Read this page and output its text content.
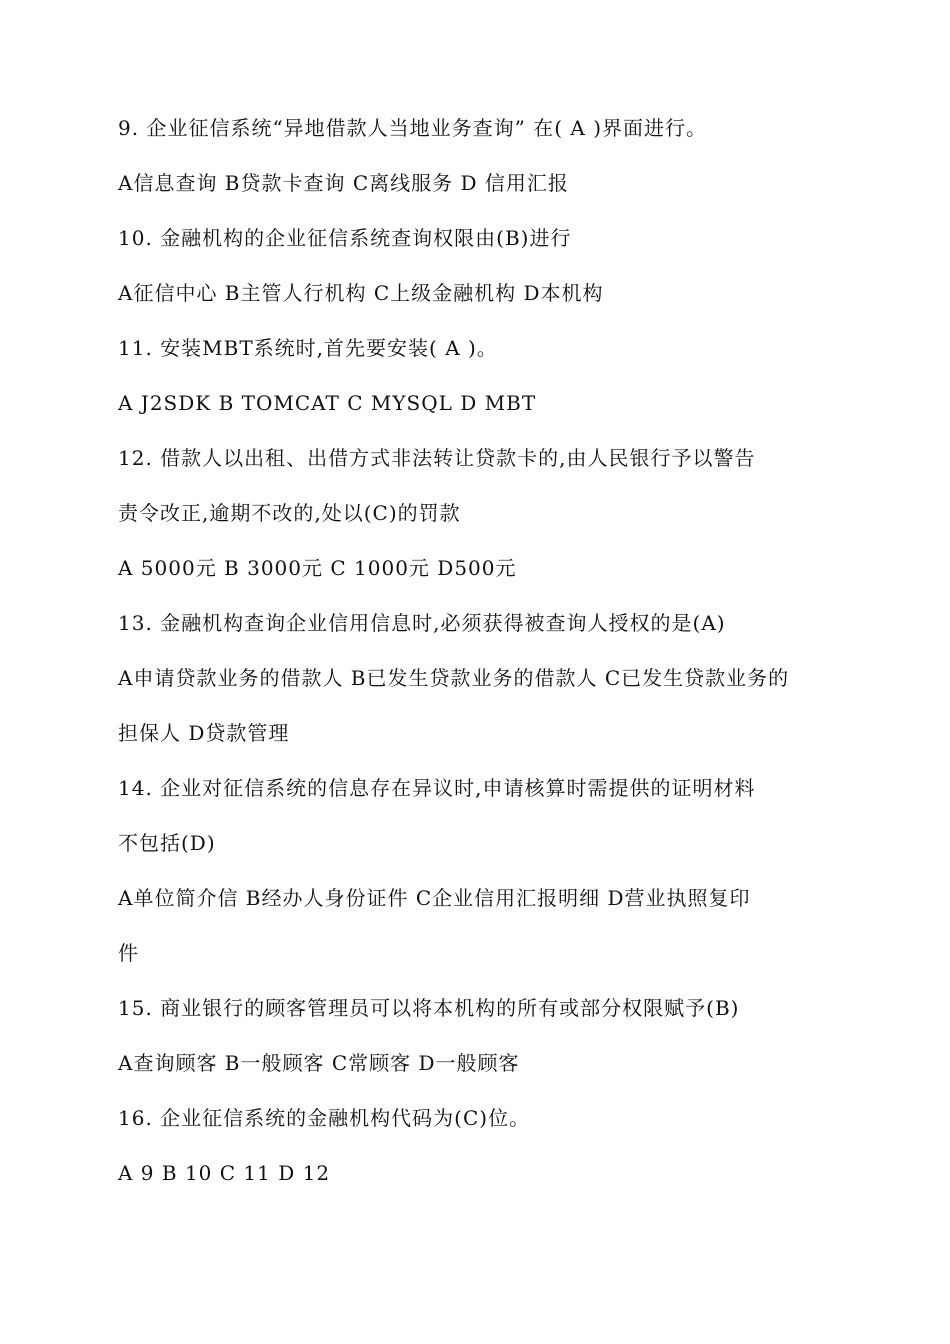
9. 企业征信系统“异地借款人当地业务查询” 在( A )界面进行。
A信息查询 B贷款卡查询 C离线服务 D 信用汇报
10. 金融机构的企业征信系统查询权限由(B)进行
A征信中心 B主管人行机构 C上级金融机构 D本机构
11. 安装MBT系统时,首先要安装( A )。
A J2SDK B TOMCAT C MYSQL D MBT
12. 借款人以出租、出借方式非法转让贷款卡的,由人民银行予以警告
责令改正,逾期不改的,处以(C)的罚款
A 5000元 B 3000元 C 1000元 D500元
13. 金融机构查询企业信用信息时,必须获得被查询人授权的是(A)
A申请贷款业务的借款人 B已发生贷款业务的借款人 C已发生贷款业务的
担保人 D贷款管理
14. 企业对征信系统的信息存在异议时,申请核算时需提供的证明材料
不包括(D)
A单位简介信 B经办人身份证件 C企业信用汇报明细 D营业执照复印
件
15. 商业银行的顾客管理员可以将本机构的所有或部分权限赋予(B)
A查询顾客 B一般顾客 C常顾客 D一般顾客
16. 企业征信系统的金融机构代码为(C)位。
A 9 B 10 C 11 D 12
